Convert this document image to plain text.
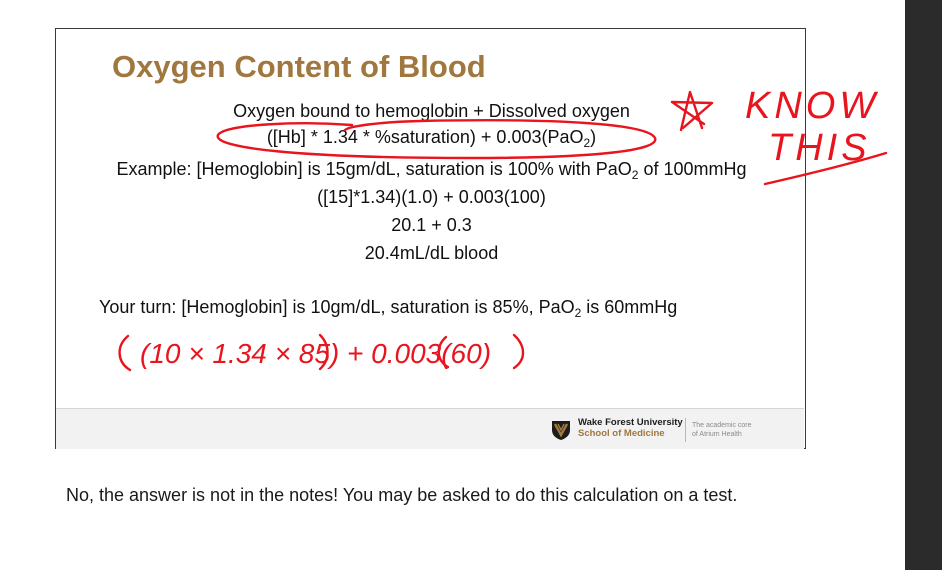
Oxygen Content of Blood
Oxygen bound to hemoglobin + Dissolved oxygen
([Hb] * 1.34 * %saturation) + 0.003(PaO$_2$)
Example: [Hemoglobin] is 15gm/dL, saturation is 100% with PaO$_2$ of 100mmHg
([15]*1.34)(1.0) + 0.003(100)
20.1 + 0.3
20.4mL/dL blood
Your turn: [Hemoglobin] is 10gm/dL, saturation is 85%, PaO$_2$ is 60mmHg
Wake Forest University
School of Medicine
The academic core
of Atrium Health

No, the answer is not in the notes! You may be asked to do this calculation on a test.

KNOW
THIS
(10 × 1.34 × 85) + 0.003(60)
